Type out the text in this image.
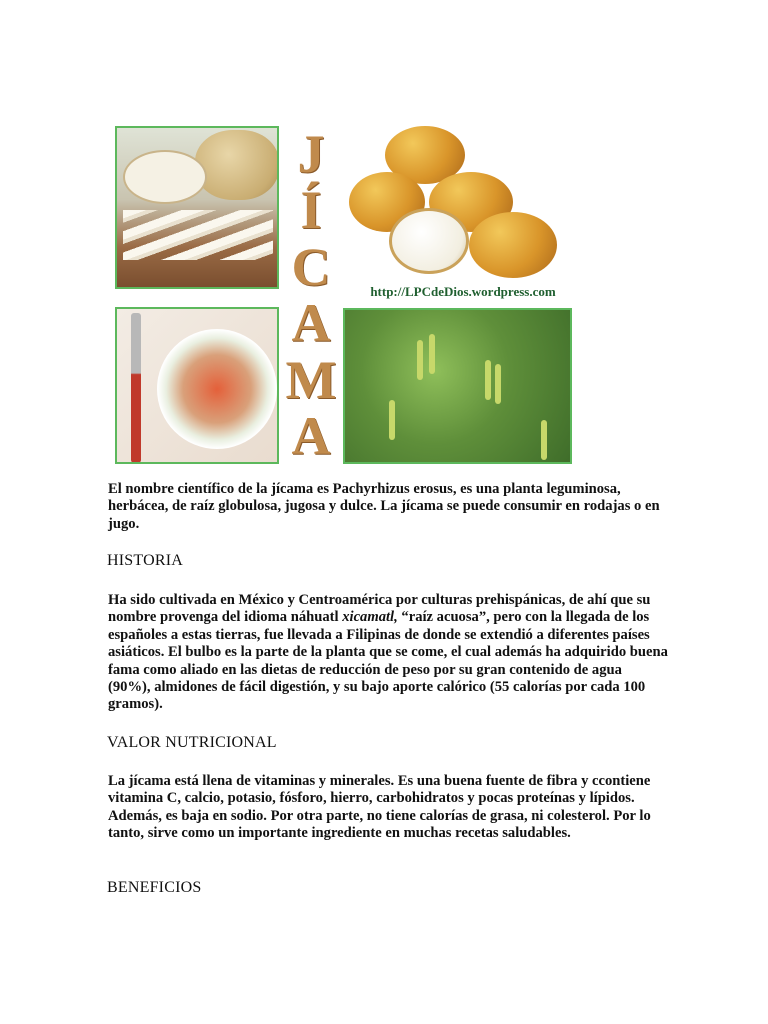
J
Í
C
A
M
A
http://LPCdeDios.wordpress.com

El nombre científico de la jícama es Pachyrhizus erosus, es una planta leguminosa, herbácea, de raíz globulosa, jugosa y dulce. La jícama se puede consumir en rodajas o en jugo.

HISTORIA

Ha sido cultivada en México y Centroamérica por culturas prehispánicas, de ahí que su nombre provenga del idioma náhuatl xicamatl, “raíz acuosa”, pero con la llegada de los españoles a estas tierras, fue llevada a Filipinas de donde se extendió a diferentes países asiáticos. El bulbo es la parte de la planta que se come, el cual además ha adquirido buena fama como aliado en las dietas de reducción de peso por su gran contenido de agua (90%), almidones de fácil digestión, y su bajo aporte calórico (55 calorías por cada 100 gramos).

VALOR NUTRICIONAL

La jícama está llena de vitaminas y minerales. Es una buena fuente de fibra y ccontiene vitamina C, calcio, potasio, fósforo, hierro, carbohidratos y pocas proteínas y lípidos. Además, es baja en sodio. Por otra parte, no tiene calorías de grasa, ni colesterol. Por lo tanto, sirve como un importante ingrediente en muchas recetas saludables.

BENEFICIOS
